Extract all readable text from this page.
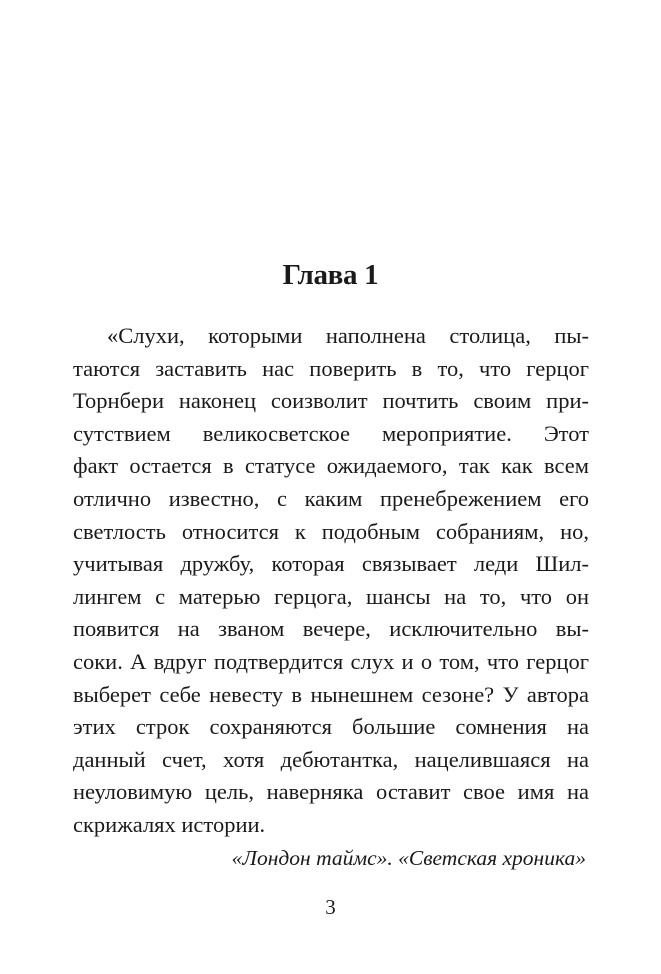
Глава 1
«Слухи, которыми наполнена столица, пы-
таются заставить нас поверить в то, что герцог
Торнбери наконец соизволит почтить своим при-
сутствием великосветское мероприятие. Этот
факт остается в статусе ожидаемого, так как всем
отлично известно, с каким пренебрежением его
светлость относится к подобным собраниям, но,
учитывая дружбу, которая связывает леди Шил-
лингем с матерью герцога, шансы на то, что он
появится на званом вечере, исключительно вы-
соки. А вдруг подтвердится слух и о том, что герцог
выберет себе невесту в нынешнем сезоне? У автора
этих строк сохраняются большие сомнения на
данный счет, хотя дебютантка, нацелившаяся на
неуловимую цель, наверняка оставит свое имя на
скрижалях истории.
«Лондон таймс». «Светская хроника»
3
